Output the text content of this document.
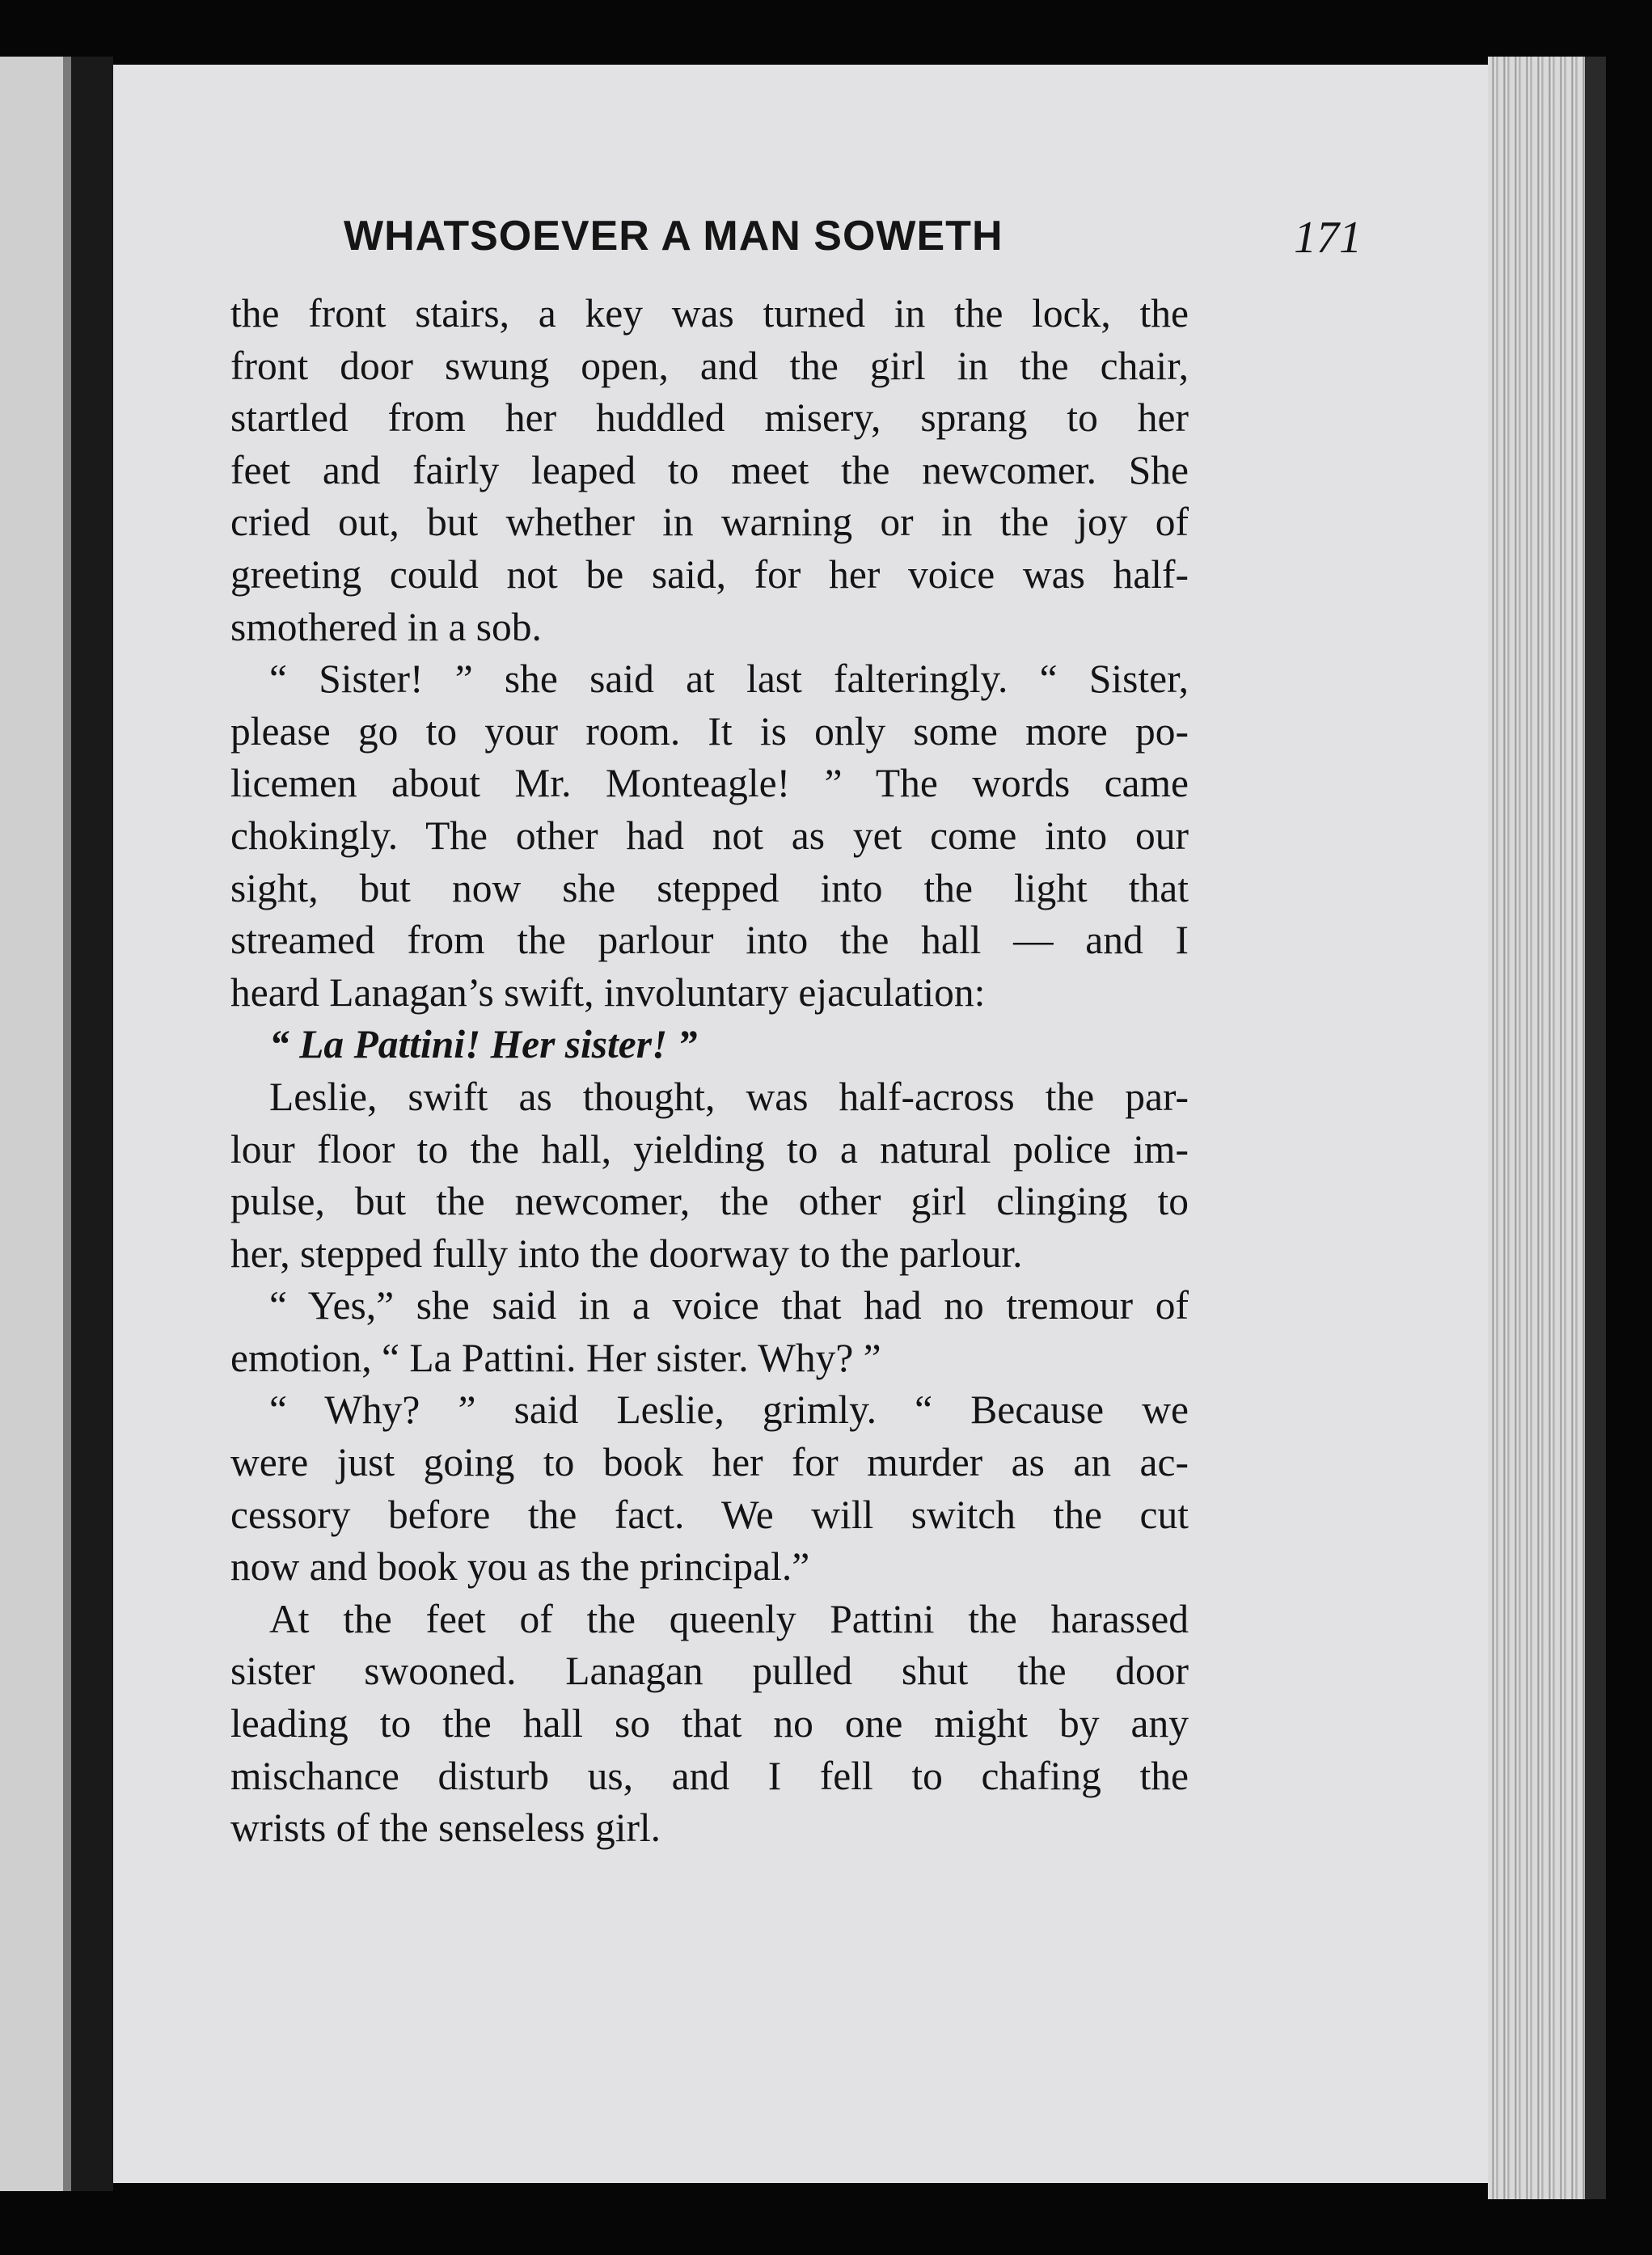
WHATSOEVER A MAN SOWETH	171
the front stairs, a key was turned in the lock, the
front door swung open, and the girl in the chair,
startled from her huddled misery, sprang to her
feet and fairly leaped to meet the newcomer. She
cried out, but whether in warning or in the joy of
greeting could not be said, for her voice was half-
smothered in a sob.
“ Sister! ” she said at last falteringly. “ Sister,
please go to your room. It is only some more po-
licemen about Mr. Monteagle! ” The words came
chokingly. The other had not as yet come into our
sight, but now she stepped into the light that
streamed from the parlour into the hall — and I
heard Lanagan’s swift, involuntary ejaculation:
“ La Pattini! Her sister! ”
Leslie, swift as thought, was half-across the par-
lour floor to the hall, yielding to a natural police im-
pulse, but the newcomer, the other girl clinging to
her, stepped fully into the doorway to the parlour.
“ Yes,” she said in a voice that had no tremour of
emotion, “ La Pattini. Her sister. Why? ”
“ Why? ” said Leslie, grimly. “ Because we
were just going to book her for murder as an ac-
cessory before the fact. We will switch the cut
now and book you as the principal.”
At the feet of the queenly Pattini the harassed
sister swooned. Lanagan pulled shut the door
leading to the hall so that no one might by any
mischance disturb us, and I fell to chafing the
wrists of the senseless girl.
